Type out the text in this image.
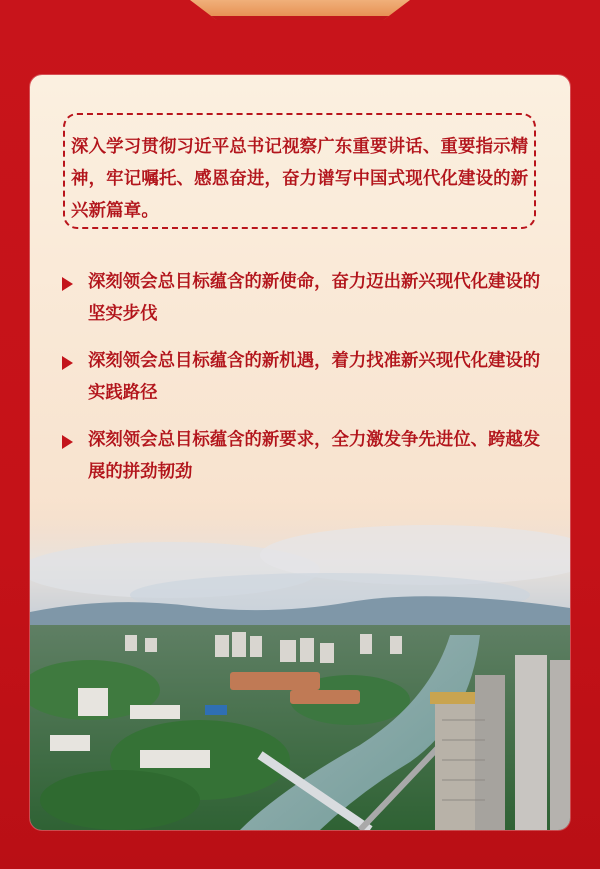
深入学习贯彻习近平总书记视察广东重要讲话、重要指示精神，牢记嘱托、感恩奋进，奋力谱写中国式现代化建设的新兴新篇章。
深刻领会总目标蕴含的新使命，奋力迈出新兴现代化建设的坚实步伐
深刻领会总目标蕴含的新机遇，着力找准新兴现代化建设的实践路径
深刻领会总目标蕴含的新要求，全力激发争先进位、跨越发展的拼劲韧劲
